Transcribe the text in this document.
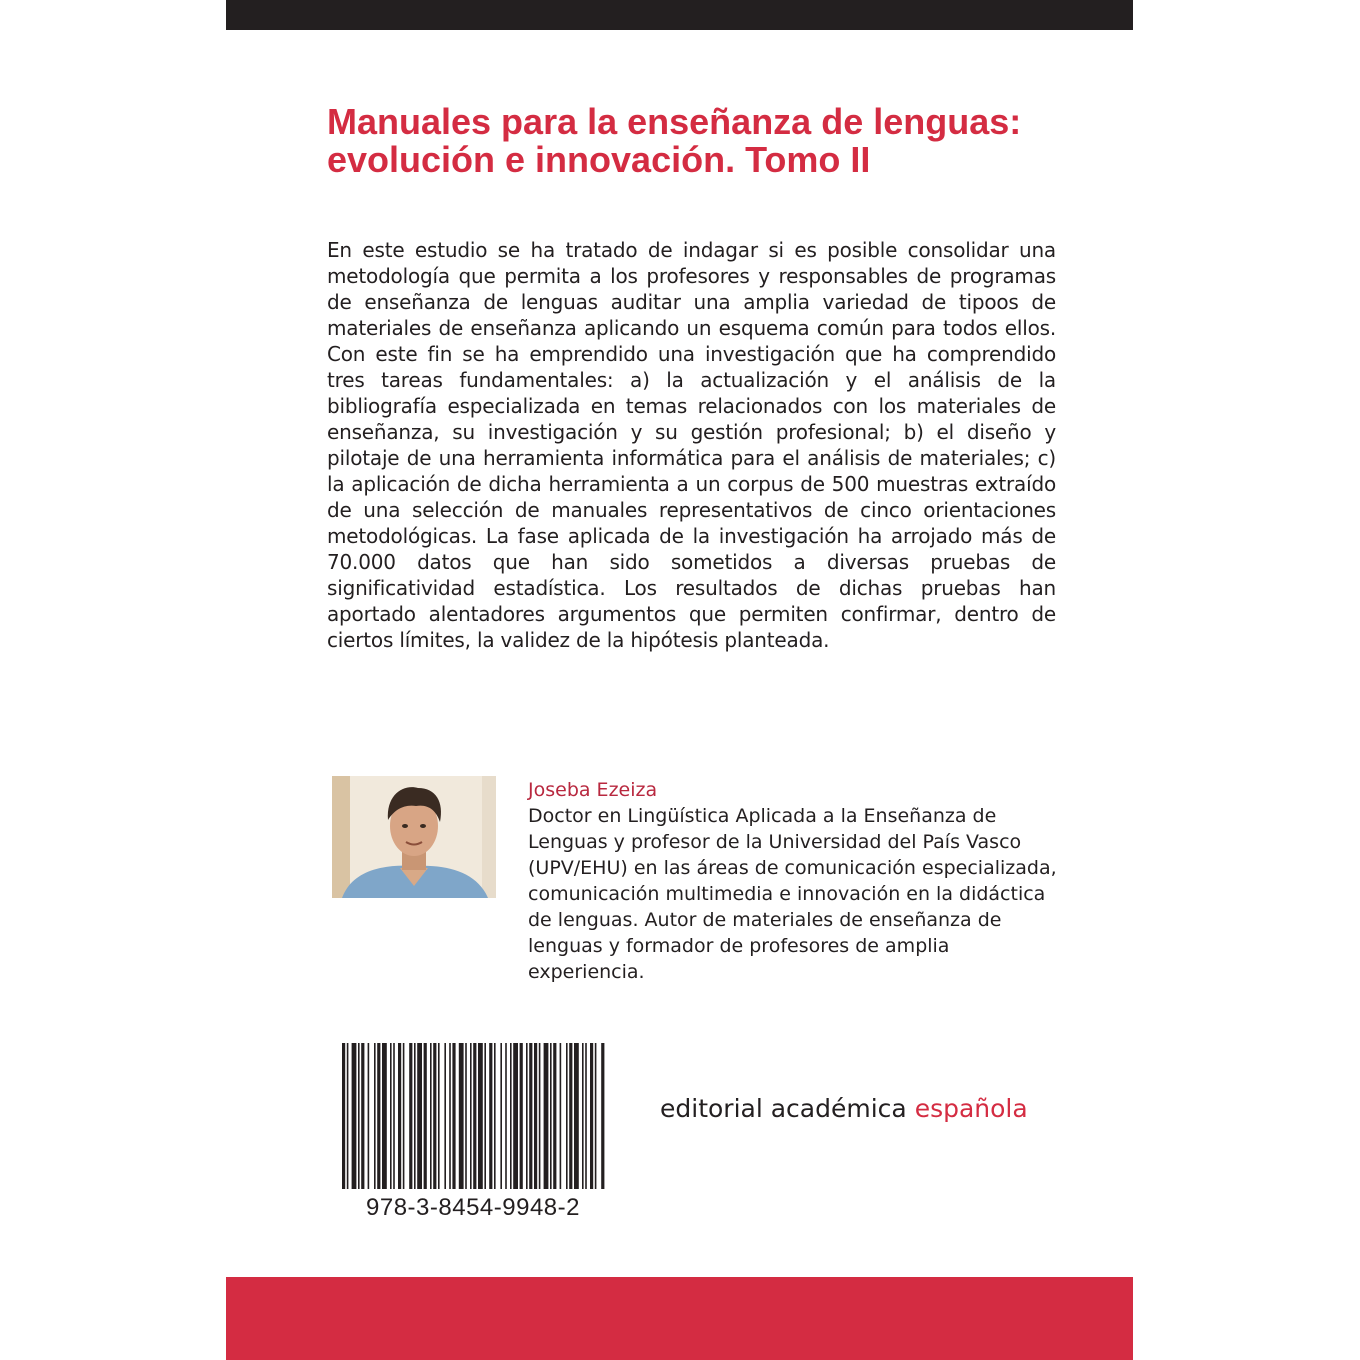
Manuales para la enseñanza de lenguas: evolución e innovación. Tomo II

En este estudio se ha tratado de indagar si es posible consolidar una metodología que permita a los profesores y responsables de programas de enseñanza de lenguas auditar una amplia variedad de tipoos de materiales de enseñanza aplicando un esquema común para todos ellos. Con este fin se ha emprendido una investigación que ha comprendido tres tareas fundamentales: a) la actualización y el análisis de la bibliografía especializada en temas relacionados con los materiales de enseñanza, su investigación y su gestión profesional; b) el diseño y pilotaje de una herramienta informática para el análisis de materiales; c) la aplicación de dicha herramienta a un corpus de 500 muestras extraído de una selección de manuales representativos de cinco orientaciones metodológicas. La fase aplicada de la investigación ha arrojado más de 70.000 datos que han sido sometidos a diversas pruebas de significatividad estadística. Los resultados de dichas pruebas han aportado alentadores argumentos que permiten confirmar, dentro de ciertos límites, la validez de la hipótesis planteada.

Joseba Ezeiza

Doctor en Lingüística Aplicada a la Enseñanza de Lenguas y profesor de la Universidad del País Vasco (UPV/EHU) en las áreas de comunicación especializada, comunicación multimedia e innovación en la didáctica de lenguas. Autor de materiales de enseñanza de lenguas y formador de profesores de amplia experiencia.

978-3-8454-9948-2
editorial académica española
